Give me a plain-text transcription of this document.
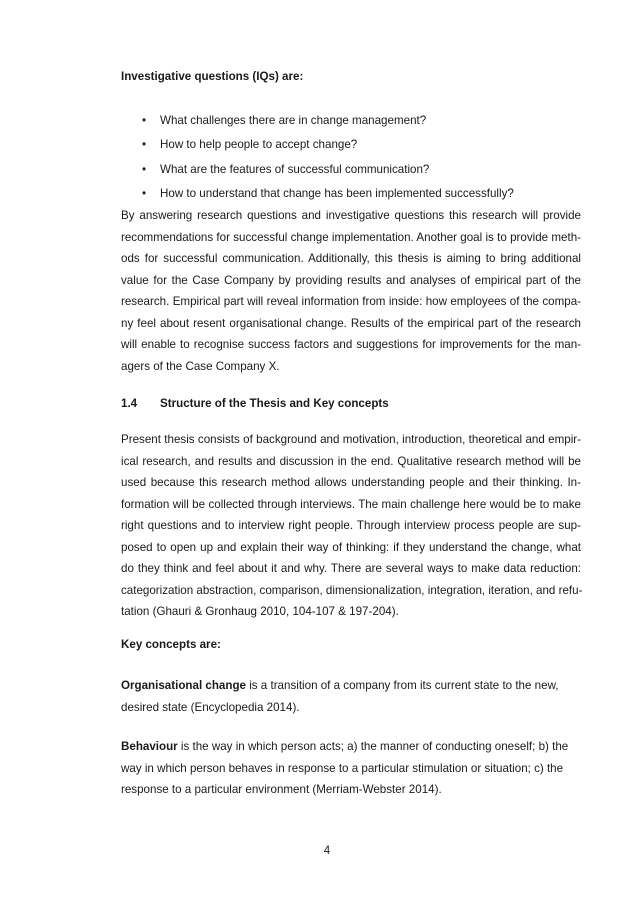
Investigative questions (IQs) are:

• What challenges there are in change management?
• How to help people to accept change?
• What are the features of successful communication?
• How to understand that change has been implemented successfully?

By answering research questions and investigative questions this research will provide
recommendations for successful change implementation. Another goal is to provide meth-
ods for successful communication. Additionally, this thesis is aiming to bring additional
value for the Case Company by providing results and analyses of empirical part of the
research. Empirical part will reveal information from inside: how employees of the compa-
ny feel about resent organisational change. Results of the empirical part of the research
will enable to recognise success factors and suggestions for improvements for the man-
agers of the Case Company X.

1.4 Structure of the Thesis and Key concepts

Present thesis consists of background and motivation, introduction, theoretical and empir-
ical research, and results and discussion in the end. Qualitative research method will be
used because this research method allows understanding people and their thinking. In-
formation will be collected through interviews. The main challenge here would be to make
right questions and to interview right people. Through interview process people are sup-
posed to open up and explain their way of thinking: if they understand the change, what
do they think and feel about it and why. There are several ways to make data reduction:
categorization abstraction, comparison, dimensionalization, integration, iteration, and refu-
tation (Ghauri & Gronhaug 2010, 104-107 & 197-204).

Key concepts are:

Organisational change is a transition of a company from its current state to the new,
desired state (Encyclopedia 2014).

Behaviour is the way in which person acts; a) the manner of conducting oneself; b) the
way in which person behaves in response to a particular stimulation or situation; c) the
response to a particular environment (Merriam-Webster 2014).

4
